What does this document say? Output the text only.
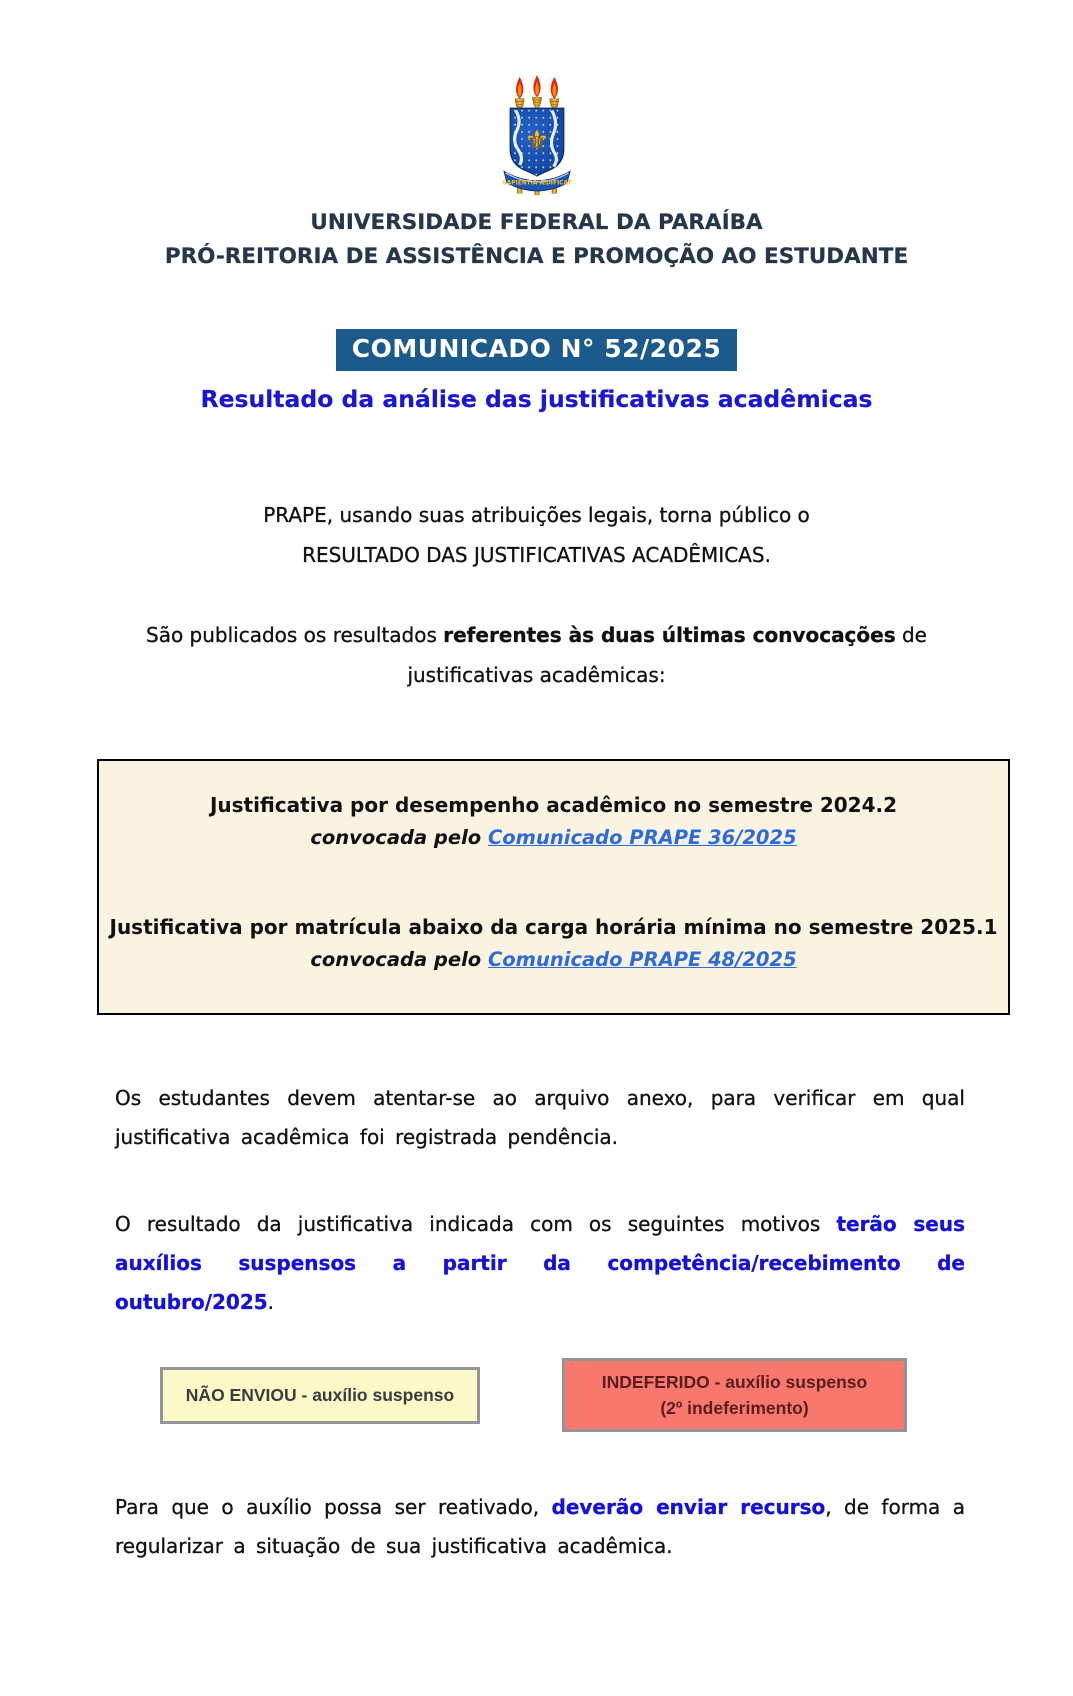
⚜
SAPIENTIA ÆDIFICAT
UNIVERSIDADE FEDERAL DA PARAÍBA
PRÓ-REITORIA DE ASSISTÊNCIA E PROMOÇÃO AO ESTUDANTE
COMUNICADO N° 52/2025
Resultado da análise das justificativas acadêmicas
PRAPE, usando suas atribuições legais, torna público o
RESULTADO DAS JUSTIFICATIVAS ACADÊMICAS.
São publicados os resultados referentes às duas últimas convocações de justificativas acadêmicas:
Justificativa por desempenho acadêmico no semestre 2024.2
convocada pelo Comunicado PRAPE 36/2025
Justificativa por matrícula abaixo da carga horária mínima no semestre 2025.1
convocada pelo Comunicado PRAPE 48/2025
Os estudantes devem atentar-se ao arquivo anexo, para verificar em qual justificativa acadêmica foi registrada pendência.
O resultado da justificativa indicada com os seguintes motivos terão seus auxílios suspensos a partir da competência/recebimento de outubro/2025.
NÃO ENVIOU - auxílio suspenso
INDEFERIDO - auxílio suspenso
(2º indeferimento)
Para que o auxílio possa ser reativado, deverão enviar recurso, de forma a regularizar a situação de sua justificativa acadêmica.
